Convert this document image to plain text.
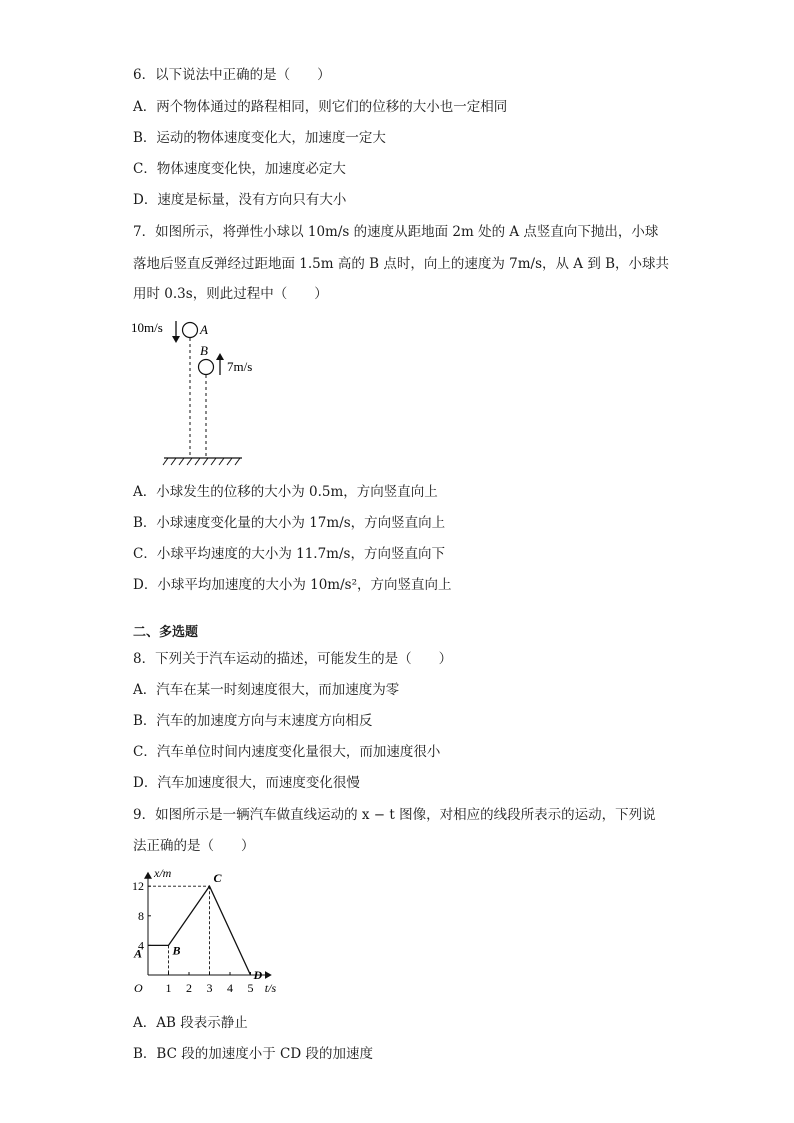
6．以下说法中正确的是（　　）
A．两个物体通过的路程相同，则它们的位移的大小也一定相同
B．运动的物体速度变化大，加速度一定大
C．物体速度变化快，加速度必定大
D．速度是标量，没有方向只有大小
7．如图所示，将弹性小球以 10m/s 的速度从距地面 2m 处的 A 点竖直向下抛出，小球
落地后竖直反弹经过距地面 1.5m 高的 B 点时，向上的速度为 7m/s，从 A 到 B，小球共
用时 0.3s，则此过程中（　　）
10m/s	A
B
7m/s
A．小球发生的位移的大小为 0.5m，方向竖直向上
B．小球速度变化量的大小为 17m/s，方向竖直向上
C．小球平均速度的大小为 11.7m/s，方向竖直向下
D．小球平均加速度的大小为 10m/s²，方向竖直向上
二、多选题
8．下列关于汽车运动的描述，可能发生的是（　　）
A．汽车在某一时刻速度很大，而加速度为零
B．汽车的加速度方向与末速度方向相反
C．汽车单位时间内速度变化量很大，而加速度很小
D．汽车加速度很大，而速度变化很慢
9．如图所示是一辆汽车做直线运动的 x − t 图像，对相应的线段所表示的运动，下列说
法正确的是（　　）
x/m
t/s
O 1 2 3 4 5
4
8
12
A	B
C
D
A．AB 段表示静止
B．BC 段的加速度小于 CD 段的加速度
